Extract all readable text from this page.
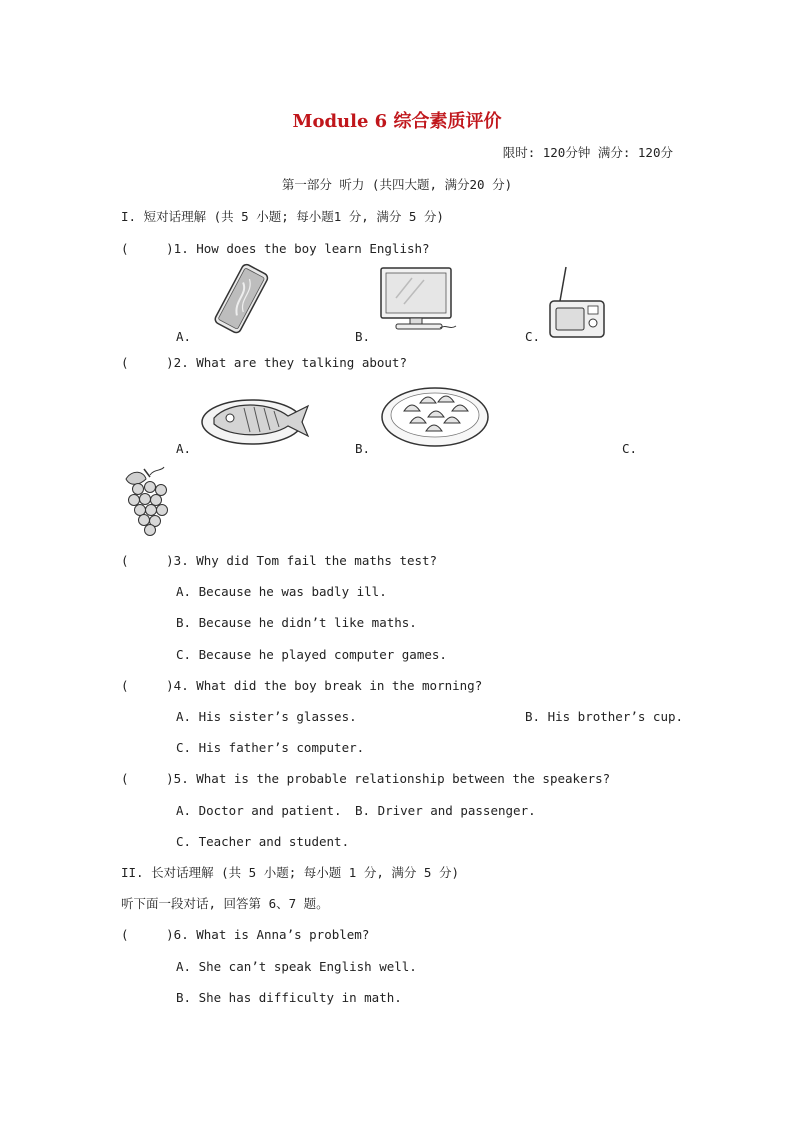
Module 6 综合素质评价
限时: 120分钟 满分: 120分
第一部分 听力 (共四大题, 满分20 分)
I. 短对话理解 (共 5 小题; 每小题1 分, 满分 5 分)
(     )1. How does the boy learn English?
A.	B.	C.
(     )2. What are they talking about?
A.	B.	C.
(     )3. Why did Tom fail the maths test?
A. Because he was badly ill.
B. Because he didn’t like maths.
C. Because he played computer games.
(     )4. What did the boy break in the morning?
A. His sister’s glasses.	B. His brother’s cup.
C. His father’s computer.
(     )5. What is the probable relationship between the speakers?
A. Doctor and patient. B. Driver and passenger.
C. Teacher and student.
II. 长对话理解 (共 5 小题; 每小题 1 分, 满分 5 分)
听下面一段对话, 回答第 6、7 题。
(     )6. What is Anna’s problem?
A. She can’t speak English well.
B. She has difficulty in math.
